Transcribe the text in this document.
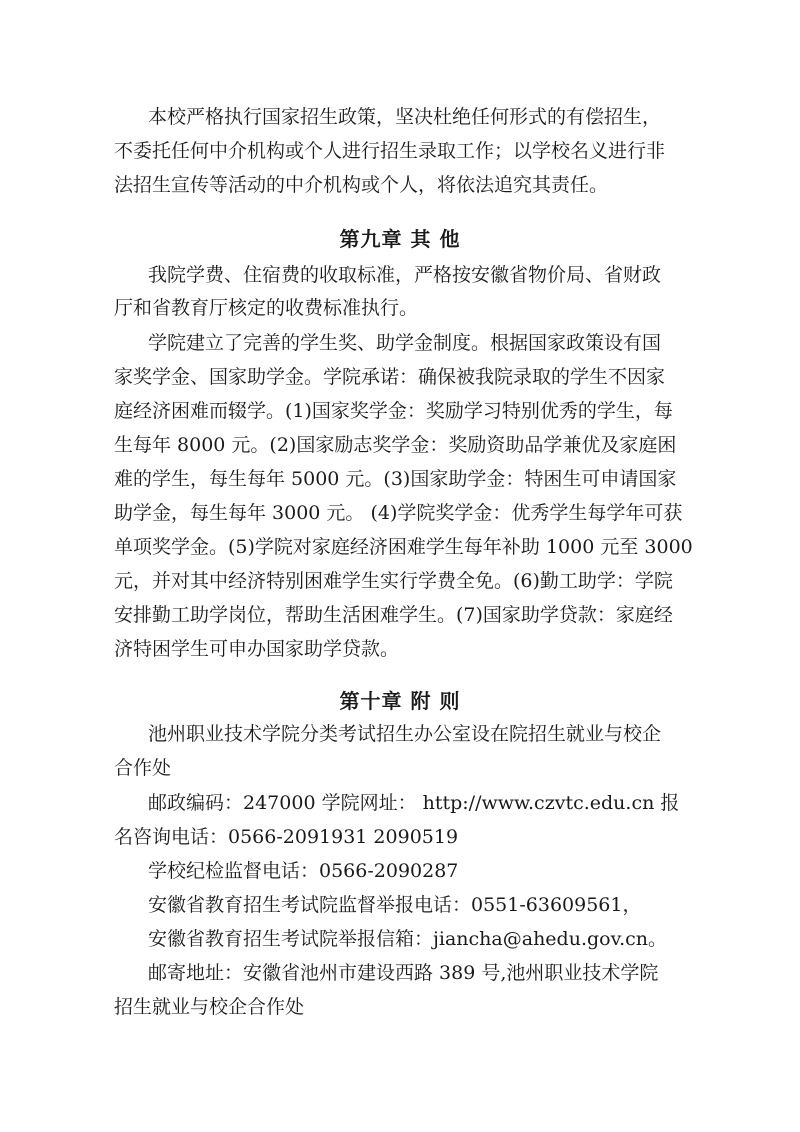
本校严格执行国家招生政策，坚决杜绝任何形式的有偿招生，
不委托任何中介机构或个人进行招生录取工作；以学校名义进行非
法招生宣传等活动的中介机构或个人，将依法追究其责任。
第九章 其 他
我院学费、住宿费的收取标准，严格按安徽省物价局、省财政
厅和省教育厅核定的收费标准执行。
学院建立了完善的学生奖、助学金制度。根据国家政策设有国
家奖学金、国家助学金。学院承诺：确保被我院录取的学生不因家
庭经济困难而辍学。(1)国家奖学金：奖励学习特别优秀的学生，每
生每年 8000 元。(2)国家励志奖学金：奖励资助品学兼优及家庭困
难的学生，每生每年 5000 元。(3)国家助学金：特困生可申请国家
助学金，每生每年 3000 元。 (4)学院奖学金：优秀学生每学年可获
单项奖学金。(5)学院对家庭经济困难学生每年补助 1000 元至 3000
元，并对其中经济特别困难学生实行学费全免。(6)勤工助学：学院
安排勤工助学岗位，帮助生活困难学生。(7)国家助学贷款：家庭经
济特困学生可申办国家助学贷款。
第十章 附 则
池州职业技术学院分类考试招生办公室设在院招生就业与校企
合作处
邮政编码：247000 学院网址： http://www.czvtc.edu.cn 报
名咨询电话：0566-2091931 2090519
学校纪检监督电话：0566-2090287
安徽省教育招生考试院监督举报电话：0551-63609561，
安徽省教育招生考试院举报信箱：jiancha@ahedu.gov.cn。
邮寄地址：安徽省池州市建设西路 389 号,池州职业技术学院
招生就业与校企合作处
